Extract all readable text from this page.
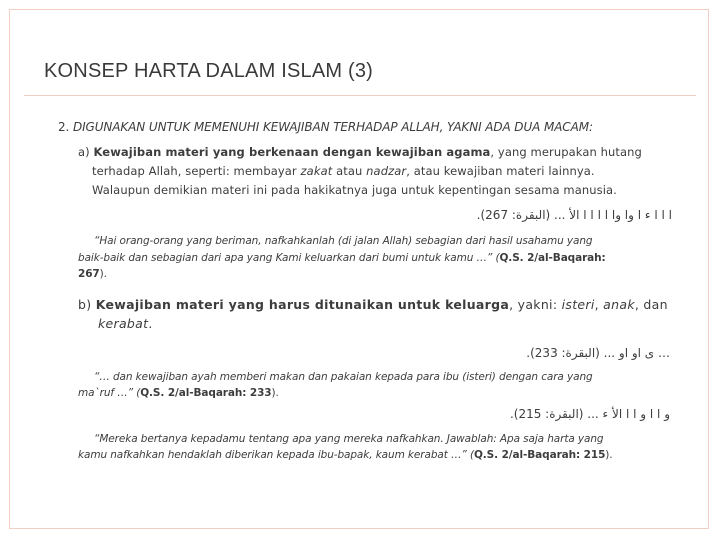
KONSEP HARTA DALAM ISLAM (3)
2. DIGUNAKAN UNTUK MEMENUHI KEWAJIBAN TERHADAP ALLAH, YAKNI ADA DUA MACAM:
a) Kewajiban materi yang berkenaan dengan kewajiban agama, yang merupakan hutang
terhadap Allah, seperti: membayar zakat atau nadzar, atau kewajiban materi lainnya.
Walaupun demikian materi ini pada hakikatnya juga untuk kepentingan sesama manusia.
ا ا ا ء ا وا وا ا ا ا ا الأ ... (البقرة: 267).
“Hai orang-orang yang beriman, nafkahkanlah (di jalan Allah) sebagian dari hasil usahamu yang
baik-baik dan sebagian dari apa yang Kami keluarkan dari bumi untuk kamu …” (Q.S. 2/al-Baqarah:
267).
b) Kewajiban materi yang harus ditunaikan untuk keluarga, yakni: isteri, anak, dan
kerabat.
… ى او او ... (البقرة: 233).
“… dan kewajiban ayah memberi makan dan pakaian kepada para ibu (isteri) dengan cara yang
ma`ruf …” (Q.S. 2/al-Baqarah: 233).
و ا ا و ا ا الأ ء ... (البقرة: 215).
“Mereka bertanya kepadamu tentang apa yang mereka nafkahkan. Jawablah: Apa saja harta yang
kamu nafkahkan hendaklah diberikan kepada ibu-bapak, kaum kerabat …” (Q.S. 2/al-Baqarah: 215).
